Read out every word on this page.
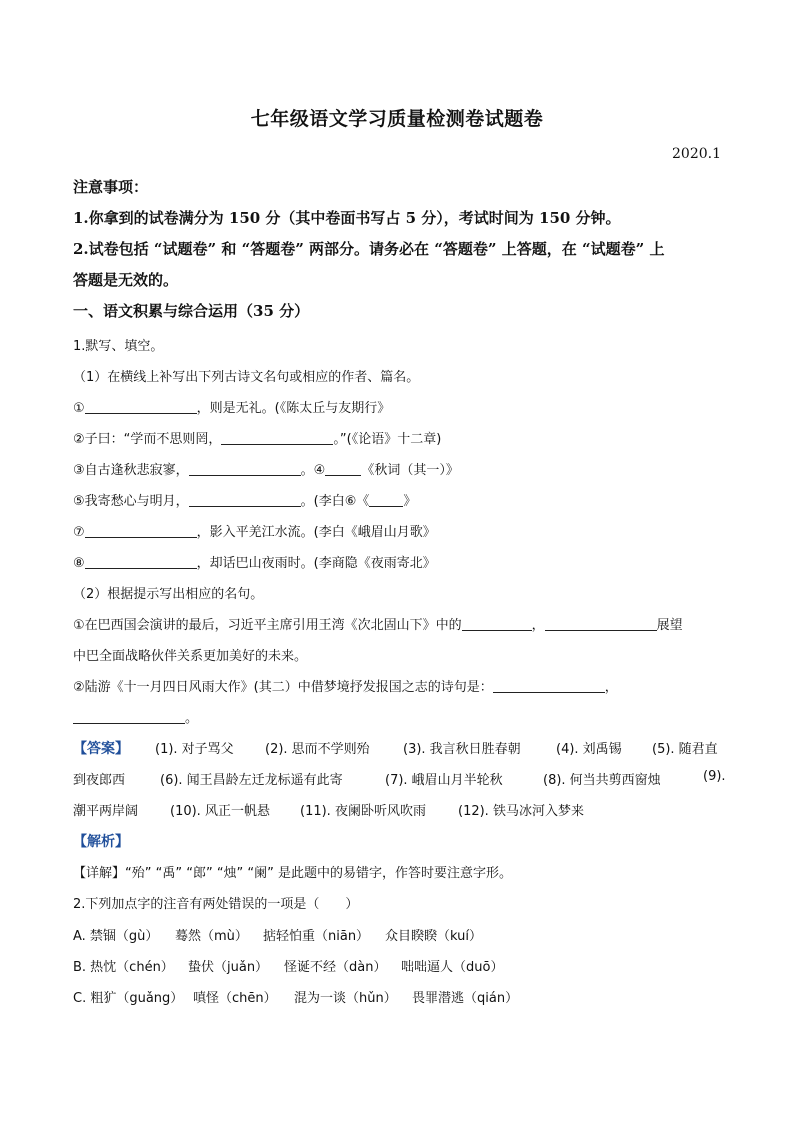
七年级语文学习质量检测卷试题卷
2020.1
注意事项：
1.你拿到的试卷满分为 150 分（其中卷面书写占 5 分），考试时间为 150 分钟。
2.试卷包括 “试题卷” 和 “答题卷” 两部分。请务必在 “答题卷” 上答题，在 “试题卷” 上
答题是无效的。
一、语文积累与综合运用（35 分）
1.默写、填空。
（1）在横线上补写出下列古诗文名句或相应的作者、篇名。
①	，则是无礼。(《陈太丘与友期行》
②子曰：“学而不思则罔，	。”(《论语》十二章)
③自古逢秋悲寂寥，	。④	《秋词（其一）》
⑤我寄愁心与明月，	。(李白⑥《	》
⑦	，影入平羌江水流。(李白《峨眉山月歌》
⑧	，却话巴山夜雨时。(李商隐《夜雨寄北》
（2）根据提示写出相应的名句。
①在巴西国会演讲的最后，习近平主席引用王湾《次北固山下》中的	，	展望
中巴全面战略伙伴关系更加美好的未来。
②陆游《十一月四日风雨大作》(其二）中借梦境抒发报国之志的诗句是：	，
。
【答案】 (1). 对子骂父 (2). 思而不学则殆	(3). 我言秋日胜春朝	(4). 刘禹锡 (5). 随君直
到夜郎西	(6). 闻王昌龄左迁龙标遥有此寄	(7). 峨眉山月半轮秋	(8). 何当共剪西窗烛	(9).
潮平两岸阔 (10). 风正一帆悬 (11). 夜阑卧听风吹雨 (12). 铁马冰河入梦来
【解析】
【详解】“殆” “禹” “郎” “烛” “阑” 是此题中的易错字，作答时要注意字形。
2.下列加点字的注音有两处错误的一项是（　　）
A. 禁锢（gù） 蓦然（mù） 掂轻怕重（niān） 众目睽睽（kuí）
B. 热忱（chén） 蛰伏（juǎn） 怪诞不经（dàn） 咄咄逼人（duō）
C. 粗犷（guǎng） 嗔怪（chēn） 混为一谈（hǔn） 畏罪潜逃（qián）
